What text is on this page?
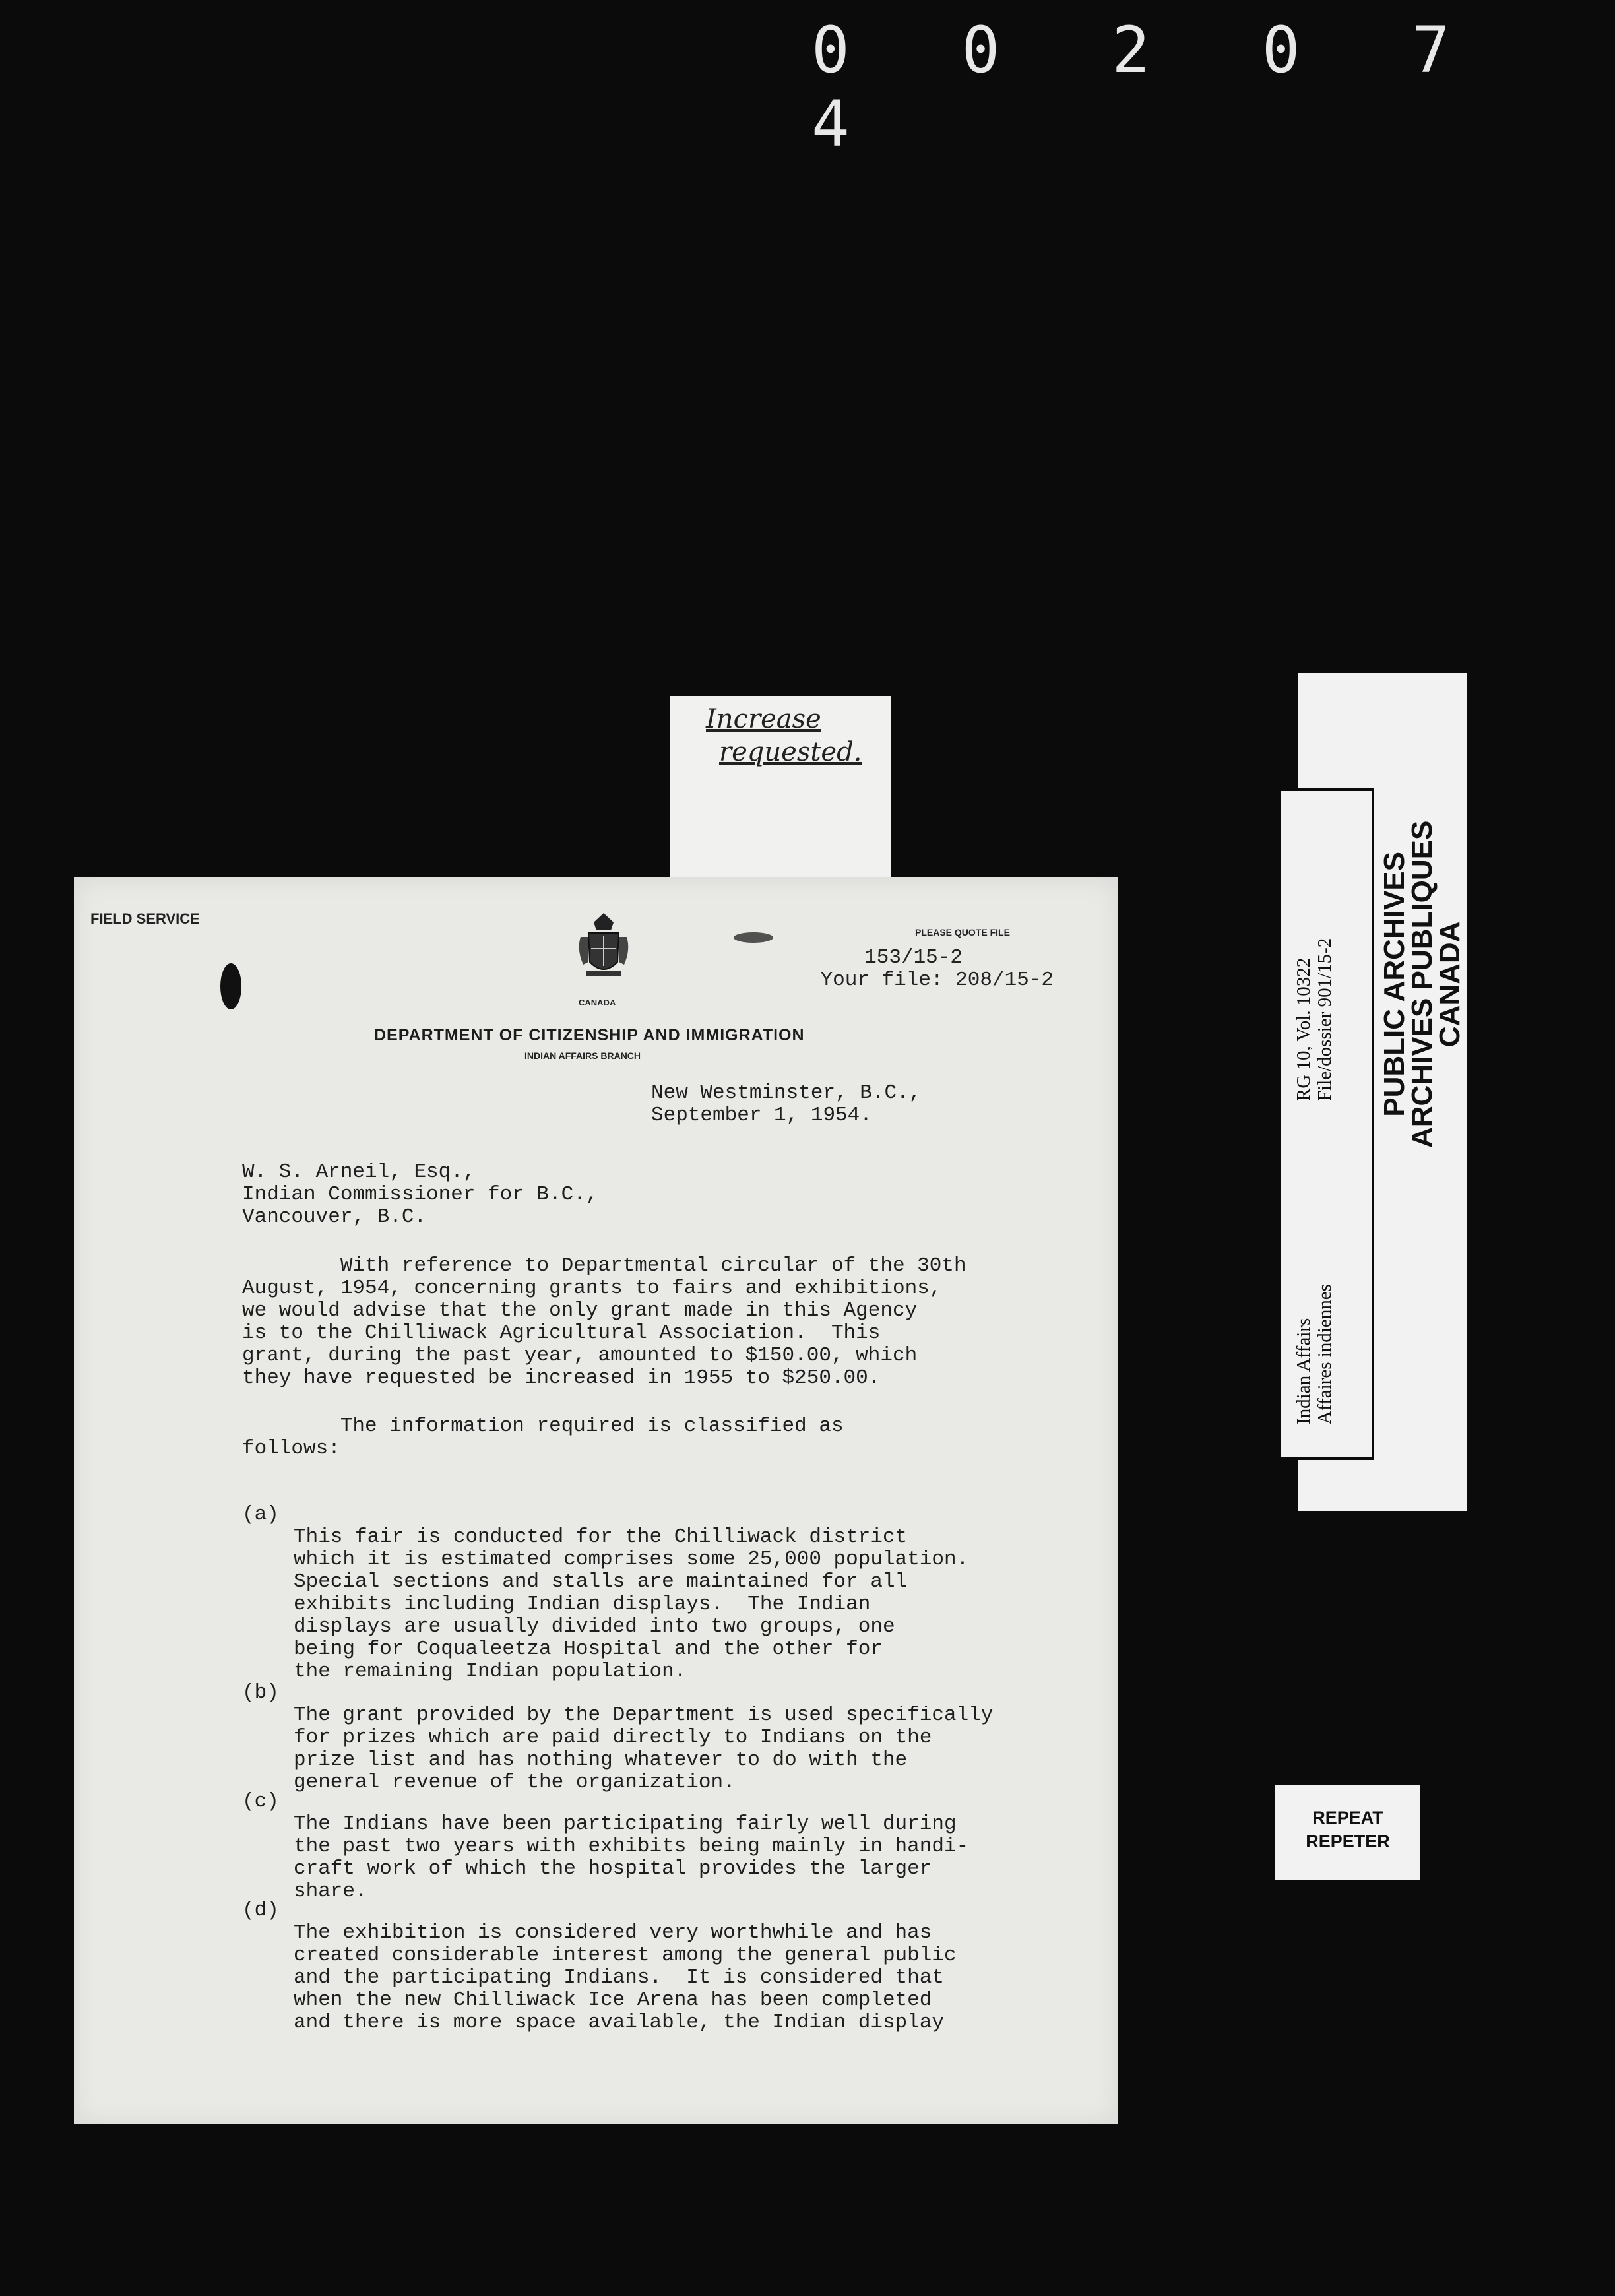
0 0 2 0 7 4
Increase
requested.
FIELD SERVICE
CANADA
PLEASE QUOTE FILE
153/15-2
Your file: 208/15-2
DEPARTMENT OF CITIZENSHIP AND IMMIGRATION
INDIAN AFFAIRS BRANCH
New Westminster, B.C.,
September 1, 1954.
W. S. Arneil, Esq.,
Indian Commissioner for B.C.,
Vancouver, B.C.
With reference to Departmental circular of the 30th
August, 1954, concerning grants to fairs and exhibitions,
we would advise that the only grant made in this Agency
is to the Chilliwack Agricultural Association.  This
grant, during the past year, amounted to $150.00, which
they have requested be increased in 1955 to $250.00.
The information required is classified as
follows:

(a)

This fair is conducted for the Chilliwack district
which it is estimated comprises some 25,000 population.
Special sections and stalls are maintained for all
exhibits including Indian displays.  The Indian
displays are usually divided into two groups, one
being for Coqualeetza Hospital and the other for
the remaining Indian population.

(b)

The grant provided by the Department is used specifically
for prizes which are paid directly to Indians on the
prize list and has nothing whatever to do with the
general revenue of the organization.

(c)

The Indians have been participating fairly well during
the past two years with exhibits being mainly in handi-
craft work of which the hospital provides the larger
share.

(d)

The exhibition is considered very worthwhile and has
created considerable interest among the general public
and the participating Indians.  It is considered that
when the new Chilliwack Ice Arena has been completed
and there is more space available, the Indian display

PUBLIC ARCHIVES
ARCHIVES PUBLIQUES
CANADA
RG 10, Vol. 10322 File/dossier 901/15-2
Indian Affairs Affaires indiennes
REPEAT
REPETER
